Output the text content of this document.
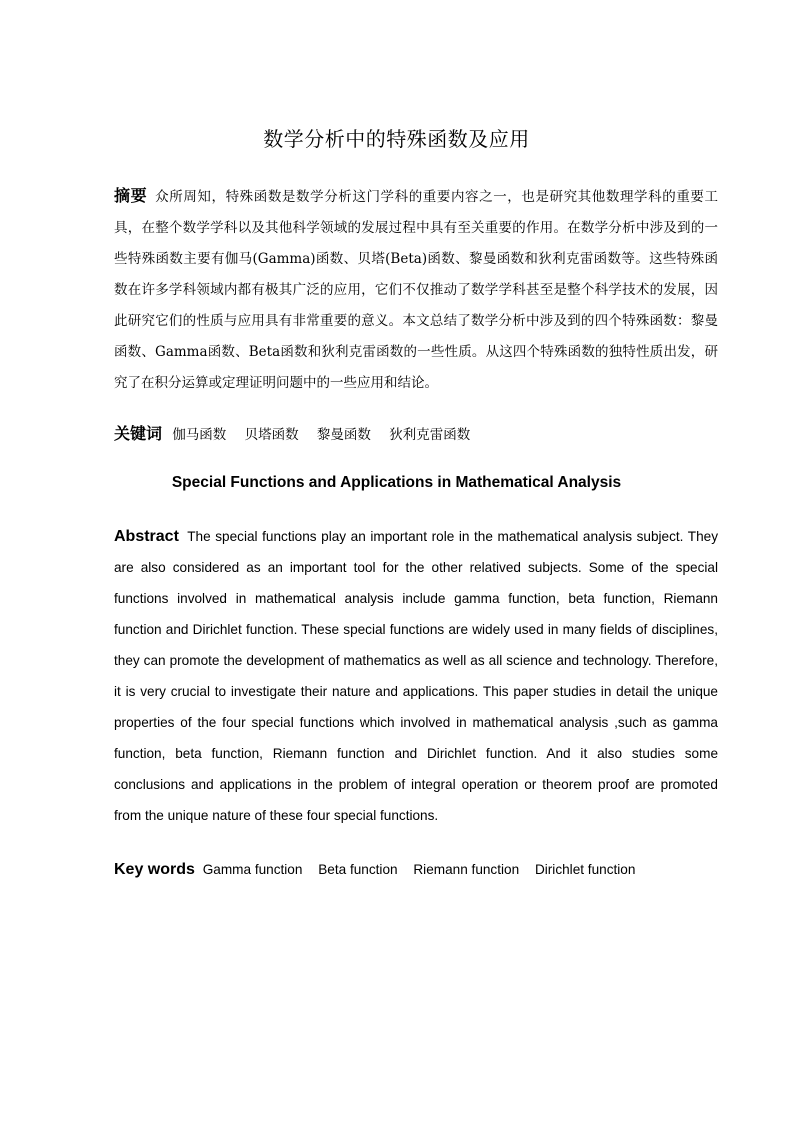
数学分析中的特殊函数及应用
摘要 众所周知，特殊函数是数学分析这门学科的重要内容之一，也是研究其他数理学科的重要工具，在整个数学学科以及其他科学领域的发展过程中具有至关重要的作用。在数学分析中涉及到的一些特殊函数主要有伽马(Gamma)函数、贝塔(Beta)函数、黎曼函数和狄利克雷函数等。这些特殊函数在许多学科领域内都有极其广泛的应用，它们不仅推动了数学学科甚至是整个科学技术的发展，因此研究它们的性质与应用具有非常重要的意义。本文总结了数学分析中涉及到的四个特殊函数：黎曼函数、Gamma函数、Beta函数和狄利克雷函数的一些性质。从这四个特殊函数的独特性质出发，研究了在积分运算或定理证明问题中的一些应用和结论。
关键词 伽马函数 贝塔函数 黎曼函数 狄利克雷函数
Special Functions and Applications in Mathematical Analysis
Abstract The special functions play an important role in the mathematical analysis subject. They are also considered as an important tool for the other relatived subjects. Some of the special functions involved in mathematical analysis include gamma function, beta function, Riemann function and Dirichlet function. These special functions are widely used in many fields of disciplines, they can promote the development of mathematics as well as all science and technology. Therefore, it is very crucial to investigate their nature and applications. This paper studies in detail the unique properties of the four special functions which involved in mathematical analysis ,such as gamma function, beta function, Riemann function and Dirichlet function. And it also studies some conclusions and applications in the problem of integral operation or theorem proof are promoted from the unique nature of these four special functions.
Key words Gamma function Beta function Riemann function Dirichlet function
